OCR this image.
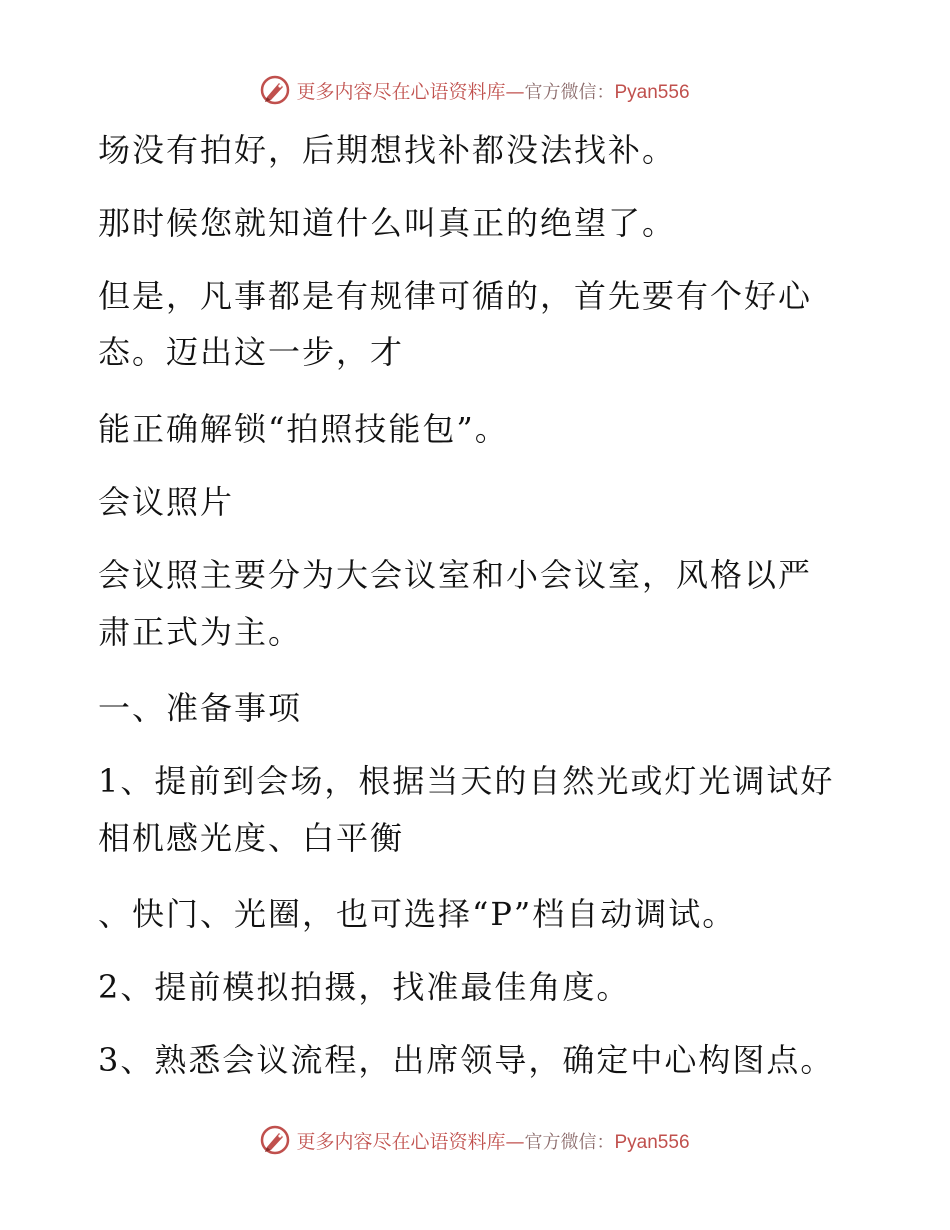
更多内容尽在心语资料库—官方微信：Pyan556
场没有拍好，后期想找补都没法找补。
那时候您就知道什么叫真正的绝望了。
但是，凡事都是有规律可循的，首先要有个好心
态。迈出这一步，才
能正确解锁“拍照技能包”。
会议照片
会议照主要分为大会议室和小会议室，风格以严
肃正式为主。
一、准备事项
1、提前到会场，根据当天的自然光或灯光调试好
相机感光度、白平衡
、快门、光圈，也可选择“P”档自动调试。
2、提前模拟拍摄，找准最佳角度。
3、熟悉会议流程，出席领导，确定中心构图点。
更多内容尽在心语资料库—官方微信：Pyan556
